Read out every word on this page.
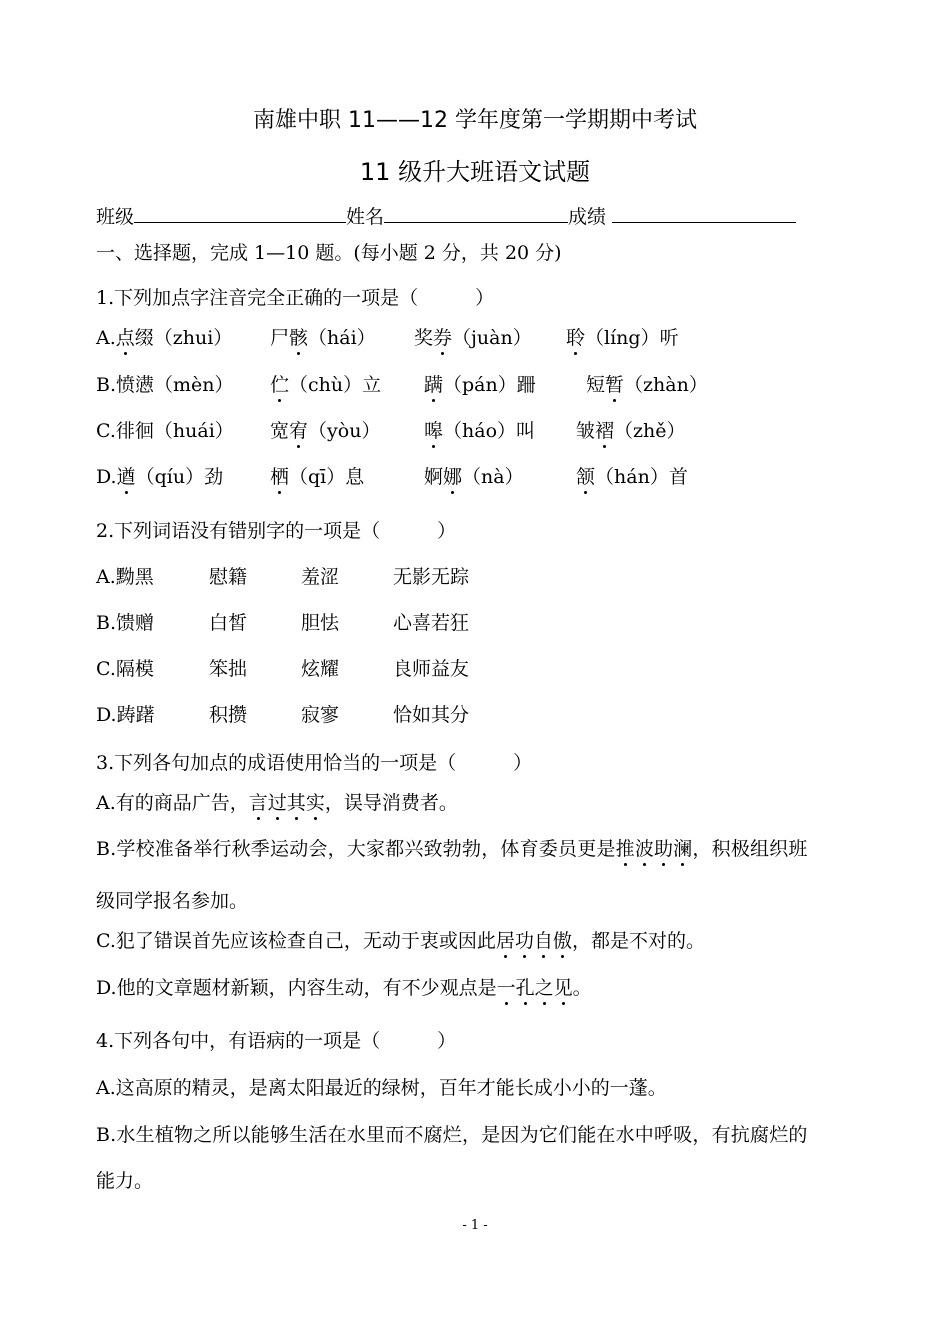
南雄中职 11——12 学年度第一学期期中考试
11 级升大班语文试题
班级	姓名	成绩
一、选择题，完成 1—10 题。(每小题 2 分，共 20 分)
1.下列加点字注音完全正确的一项是（　　　）
A.点缀（zhui） 尸骸（hái） 奖券（juàn） 聆（líng）听
B.愤懑（mèn） 伫（chù）立 蹒（pán）跚	短暂（zhàn）
C.徘徊（huái） 宽宥（yòu） 嗥（háo）叫 皱褶（zhě）
D.遒（qíu）劲 栖（qī）息	婀娜（nà）	颔（hán）首
2.下列词语没有错别字的一项是（　　　）
A.黝黑	慰籍	羞涩	无影无踪
B.馈赠	白皙	胆怯	心喜若狂
C.隔模	笨拙	炫耀	良师益友
D.踌躇	积攒	寂寥	恰如其分
3.下列各句加点的成语使用恰当的一项是（　　　）
A.有的商品广告，言过其实，误导消费者。
B.学校准备举行秋季运动会，大家都兴致勃勃，体育委员更是推波助澜，积极组织班
级同学报名参加。
C.犯了错误首先应该检查自己，无动于衷或因此居功自傲，都是不对的。
D.他的文章题材新颖，内容生动，有不少观点是一孔之见。
4.下列各句中，有语病的一项是（　　　）
A.这高原的精灵，是离太阳最近的绿树，百年才能长成小小的一蓬。
B.水生植物之所以能够生活在水里而不腐烂，是因为它们能在水中呼吸，有抗腐烂的
能力。
- 1 -
